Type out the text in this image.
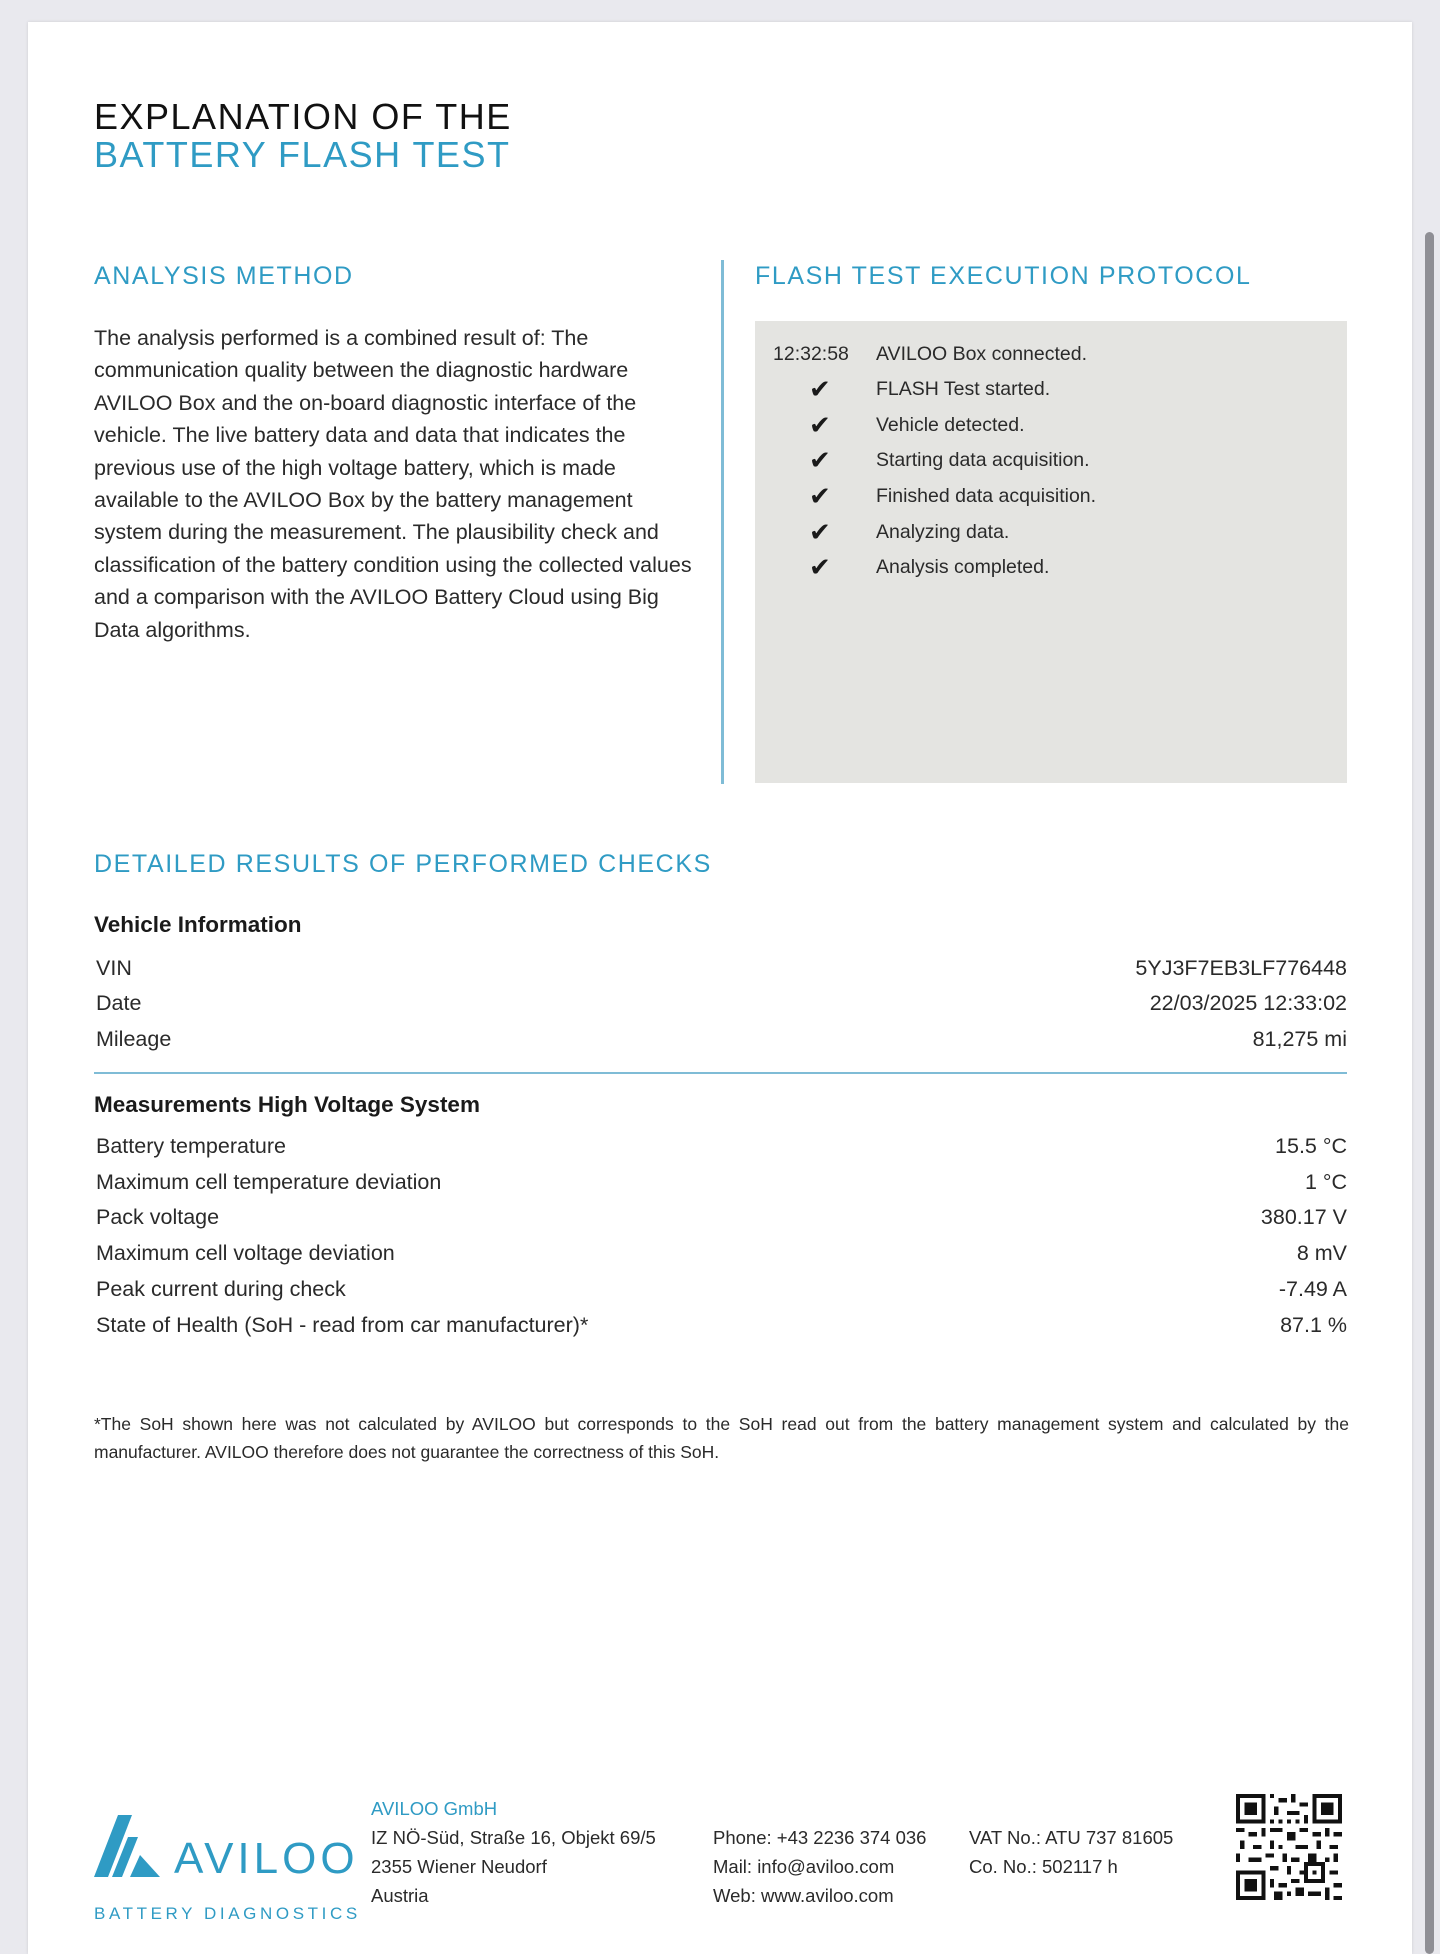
EXPLANATION OF THE
BATTERY FLASH TEST
ANALYSIS METHOD
The analysis performed is a combined result of: The communication quality between the diagnostic hardware AVILOO Box and the on-board diagnostic interface of the vehicle. The live battery data and data that indicates the previous use of the high voltage battery, which is made available to the AVILOO Box by the battery management system during the measurement. The plausibility check and classification of the battery condition using the collected values and a comparison with the AVILOO Battery Cloud using Big Data algorithms.
FLASH TEST EXECUTION PROTOCOL
12:32:58 AVILOO Box connected.
✔ FLASH Test started.
✔ Vehicle detected.
✔ Starting data acquisition.
✔ Finished data acquisition.
✔ Analyzing data.
✔ Analysis completed.
DETAILED RESULTS OF PERFORMED CHECKS
Vehicle Information
VIN	5YJ3F7EB3LF776448
Date	22/03/2025 12:33:02
Mileage	81,275 mi
Measurements High Voltage System
Battery temperature	15.5 °C
Maximum cell temperature deviation	1 °C
Pack voltage	380.17 V
Maximum cell voltage deviation	8 mV
Peak current during check	-7.49 A
State of Health (SoH - read from car manufacturer)*	87.1 %
*The SoH shown here was not calculated by AVILOO but corresponds to the SoH read out from the battery management system and calculated by the manufacturer. AVILOO therefore does not guarantee the correctness of this SoH.
AVILOO
BATTERY DIAGNOSTICS
AVILOO GmbH
IZ NÖ-Süd, Straße 16, Objekt 69/5
2355 Wiener Neudorf
Austria
Phone: +43 2236 374 036
Mail: info@aviloo.com
Web: www.aviloo.com
VAT No.: ATU 737 81605
Co. No.: 502117 h
